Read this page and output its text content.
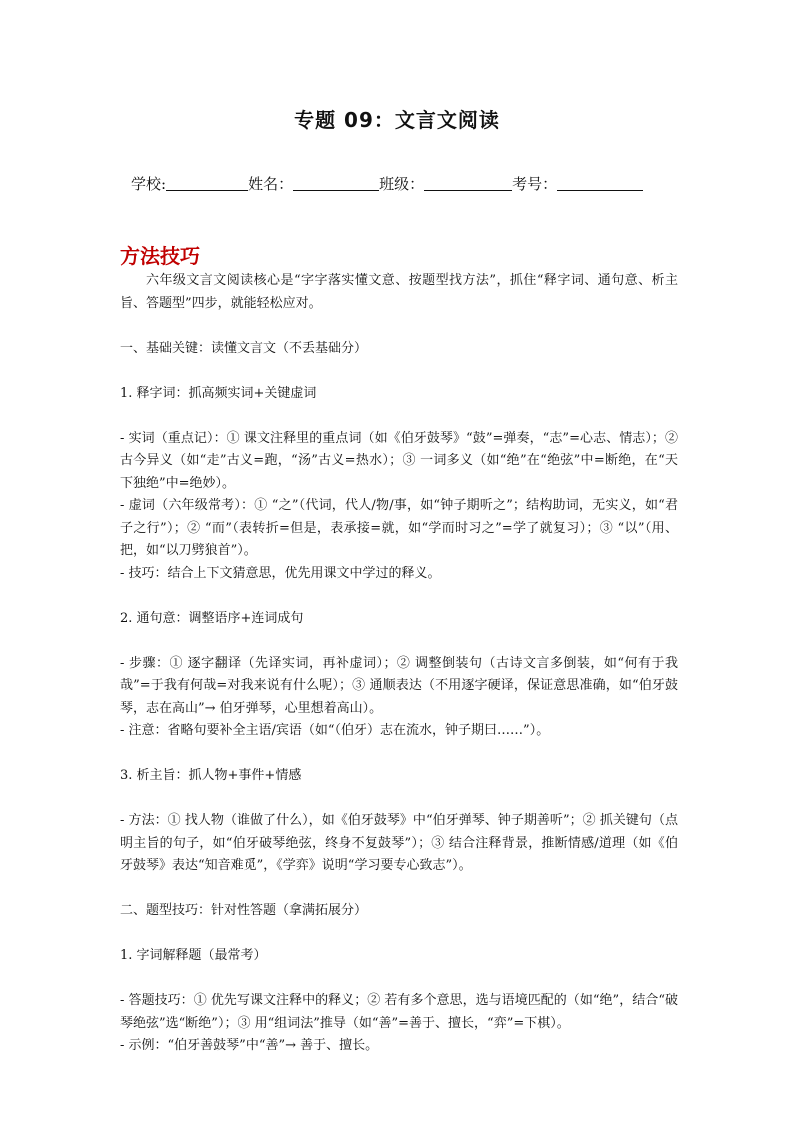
专题 09：文言文阅读
学校:	姓名：	班级：	考号：
方法技巧

六年级文言文阅读核心是“字字落实懂文意、按题型找方法”，抓住“释字词、通句意、析主旨、答题型”四步，就能轻松应对。

一、基础关键：读懂文言文（不丢基础分）

1. 释字词：抓高频实词+关键虚词

- 实词（重点记）：① 课文注释里的重点词（如《伯牙鼓琴》“鼓”=弹奏，“志”=心志、情志）；② 古今异义（如“走”古义=跑，“汤”古义=热水）；③ 一词多义（如“绝”在“绝弦”中=断绝，在“天下独绝”中=绝妙）。

- 虚词（六年级常考）：① “之”（代词，代人/物/事，如“钟子期听之”；结构助词，无实义，如“君子之行”）；② “而”（表转折=但是，表承接=就，如“学而时习之”=学了就复习）；③ “以”（用、把，如“以刀劈狼首”）。

- 技巧：结合上下文猜意思，优先用课文中学过的释义。

2. 通句意：调整语序+连词成句

- 步骤：① 逐字翻译（先译实词，再补虚词）；② 调整倒装句（古诗文言多倒装，如“何有于我哉”=于我有何哉=对我来说有什么呢）；③ 通顺表达（不用逐字硬译，保证意思准确，如“伯牙鼓琴，志在高山”→ 伯牙弹琴，心里想着高山）。

- 注意：省略句要补全主语/宾语（如“（伯牙）志在流水，钟子期曰……”）。

3. 析主旨：抓人物+事件+情感

- 方法：① 找人物（谁做了什么），如《伯牙鼓琴》中“伯牙弹琴、钟子期善听”；② 抓关键句（点明主旨的句子，如“伯牙破琴绝弦，终身不复鼓琴”）；③ 结合注释背景，推断情感/道理（如《伯牙鼓琴》表达“知音难觅”，《学弈》说明“学习要专心致志”）。

二、题型技巧：针对性答题（拿满拓展分）

1. 字词解释题（最常考）

- 答题技巧：① 优先写课文注释中的释义；② 若有多个意思，选与语境匹配的（如“绝”，结合“破琴绝弦”选“断绝”）；③ 用“组词法”推导（如“善”=善于、擅长，“弈”=下棋）。

- 示例：“伯牙善鼓琴”中“善”→ 善于、擅长。
